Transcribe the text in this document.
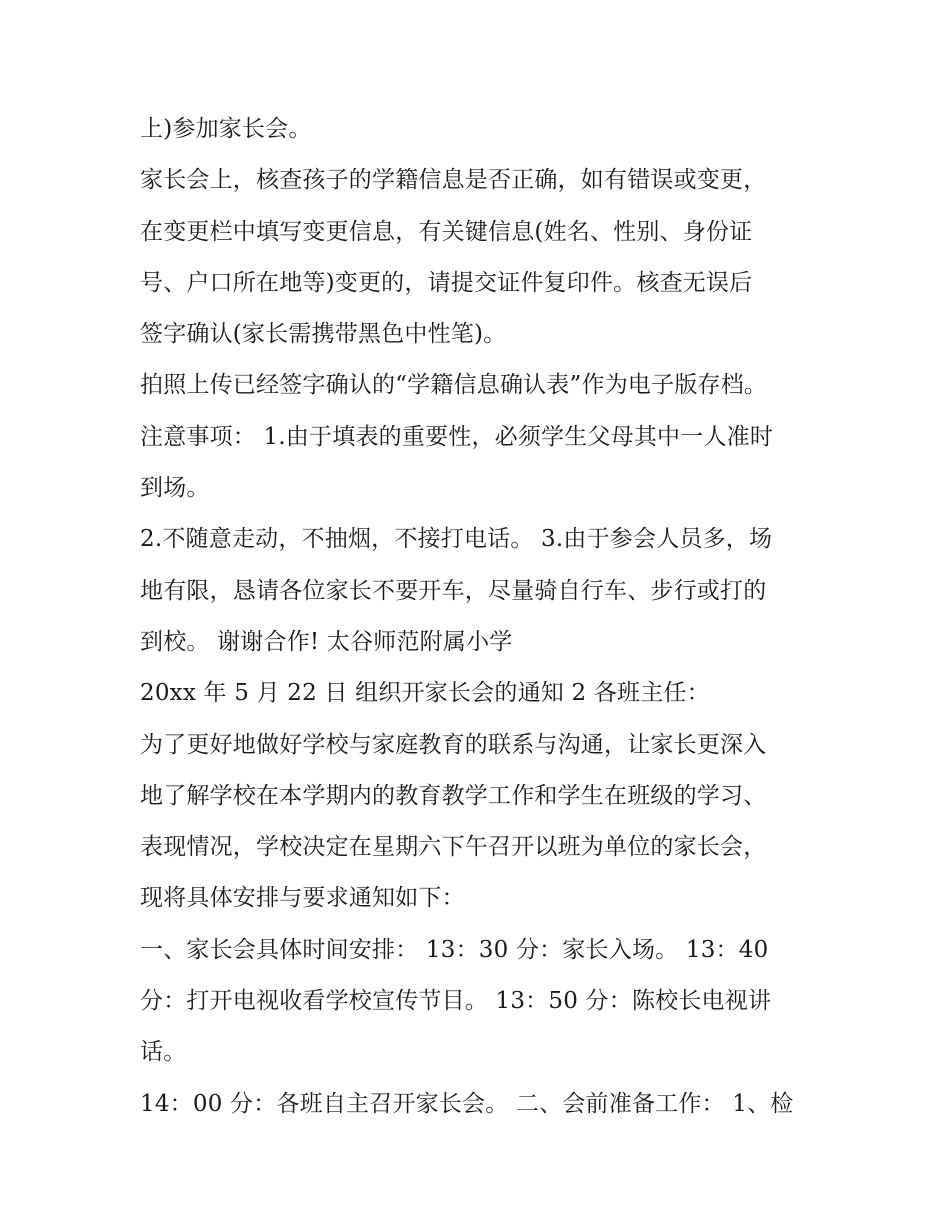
上)参加家长会。
家长会上，核查孩子的学籍信息是否正确，如有错误或变更，
在变更栏中填写变更信息，有关键信息(姓名、性别、身份证
号、户口所在地等)变更的，请提交证件复印件。核查无误后
签字确认(家长需携带黑色中性笔)。
拍照上传已经签字确认的“学籍信息确认表”作为电子版存档。
注意事项： 1.由于填表的重要性，必须学生父母其中一人准时
到场。
2.不随意走动，不抽烟，不接打电话。 3.由于参会人员多，场
地有限，恳请各位家长不要开车，尽量骑自行车、步行或打的
到校。 谢谢合作! 太谷师范附属小学
20xx 年 5 月 22 日 组织开家长会的通知 2 各班主任：
为了更好地做好学校与家庭教育的联系与沟通，让家长更深入
地了解学校在本学期内的教育教学工作和学生在班级的学习、
表现情况，学校决定在星期六下午召开以班为单位的家长会，
现将具体安排与要求通知如下：
一、家长会具体时间安排： 13：30 分：家长入场。 13：40
分：打开电视收看学校宣传节目。 13：50 分：陈校长电视讲
话。
14：00 分：各班自主召开家长会。 二、会前准备工作： 1、检
